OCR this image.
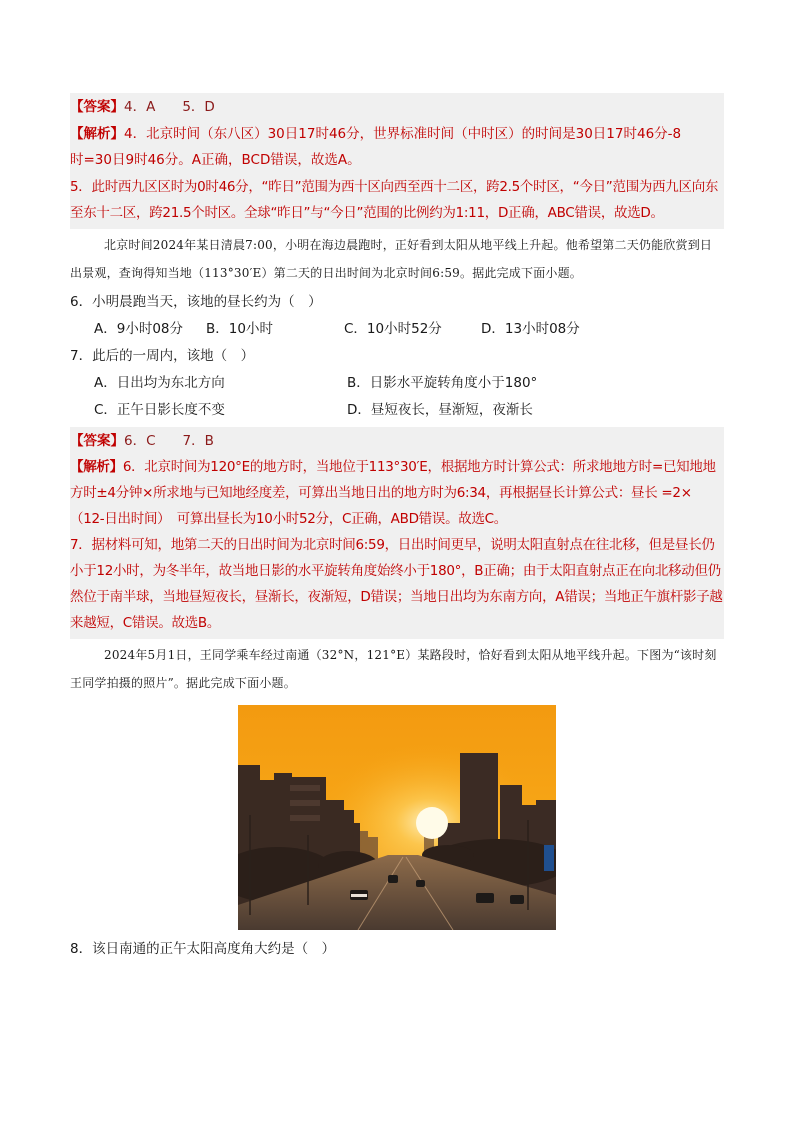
【答案】4．A　　5．D
【解析】4．北京时间（东八区）30日17时46分，世界标准时间（中时区）的时间是30日17时46分-8
时=30日9时46分。A正确，BCD错误，故选A。
5．此时西九区区时为0时46分，“昨日”范围为西十区向西至西十二区，跨2.5个时区，“今日”范围为西九区向东至东十二区，跨21.5个时区。全球“昨日”与“今日”范围的比例约为1:11，D正确，ABC错误，故选D。
北京时间2024年某日清晨7:00，小明在海边晨跑时，正好看到太阳从地平线上升起。他希望第二天仍能欣赏到日出景观，查询得知当地（113°30′E）第二天的日出时间为北京时间6:59。据此完成下面小题。
6．小明晨跑当天，该地的昼长约为（　）
A．9小时08分	B．10小时	C．10小时52分	D．13小时08分
7．此后的一周内，该地（　）
A．日出均为东北方向	B．日影水平旋转角度小于180°
C．正午日影长度不变	D．昼短夜长，昼渐短，夜渐长
【答案】6．C　　7．B
【解析】6．北京时间为120°E的地方时，当地位于113°30′E，根据地方时计算公式：所求地地方时=已知地地方时±4分钟×所求地与已知地经度差，可算出当地日出的地方时为6:34，再根据昼长计算公式：昼长 =2×（12-日出时间）　可算出昼长为10小时52分，C正确，ABD错误。故选C。
7．据材料可知，地第二天的日出时间为北京时间6:59，日出时间更早，说明太阳直射点在往北移，但是昼长仍小于12小时，为冬半年，故当地日影的水平旋转角度始终小于180°，B正确；由于太阳直射点正在向北移动但仍然位于南半球，当地昼短夜长，昼渐长，夜渐短，D错误；当地日出均为东南方向，A错误；当地正午旗杆影子越来越短，C错误。故选B。
2024年5月1日，王同学乘车经过南通（32°N，121°E）某路段时，恰好看到太阳从地平线升起。下图为“该时刻王同学拍摄的照片”。据此完成下面小题。
8．该日南通的正午太阳高度角大约是（　）
